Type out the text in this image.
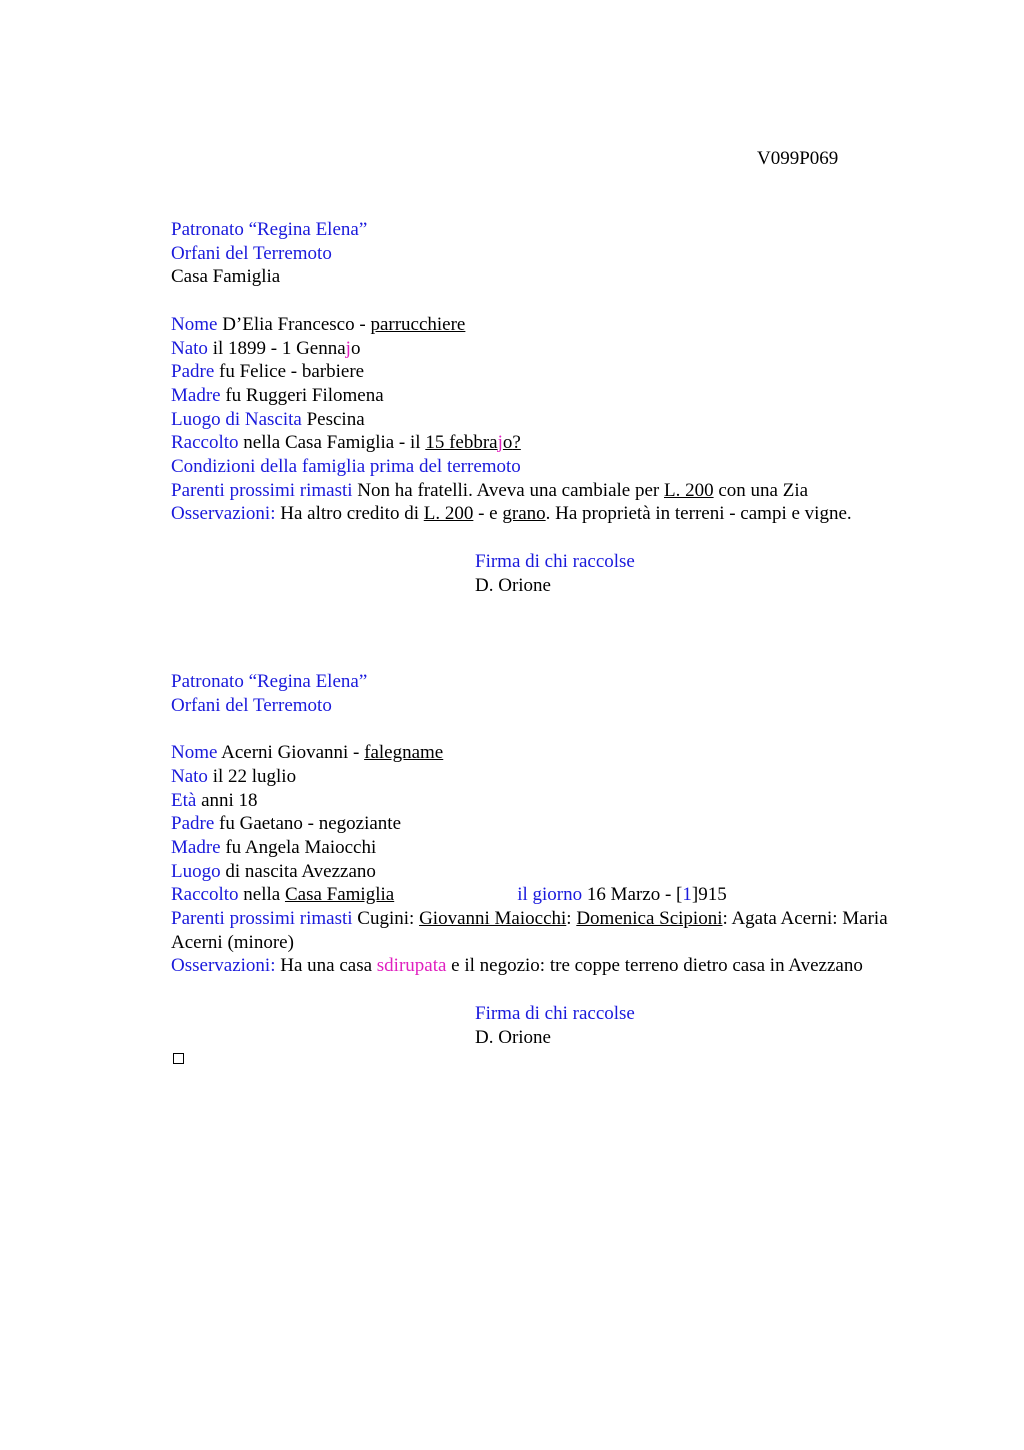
V099P069
Patronato “Regina Elena”
Orfani del Terremoto
Casa Famiglia
Nome D’Elia Francesco - parrucchiere
Nato il 1899 - 1 Gennajo
Padre fu Felice - barbiere
Madre fu Ruggeri Filomena
Luogo di Nascita Pescina
Raccolto nella Casa Famiglia - il 15 febbrajo?
Condizioni della famiglia prima del terremoto
Parenti prossimi rimasti Non ha fratelli. Aveva una cambiale per L. 200 con una Zia
Osservazioni: Ha altro credito di L. 200 - e grano. Ha proprietà in terreni - campi e vigne.
Firma di chi raccolse
D. Orione
Patronato “Regina Elena”
Orfani del Terremoto
Nome Acerni Giovanni - falegname
Nato il 22 luglio
Età anni 18
Padre fu Gaetano - negoziante
Madre fu Angela Maiocchi
Luogo di nascita Avezzano
Raccolto nella Casa Famiglia	il giorno 16 Marzo - [1]915
Parenti prossimi rimasti Cugini: Giovanni Maiocchi: Domenica Scipioni: Agata Acerni: Maria Acerni (minore)
Osservazioni: Ha una casa sdirupata e il negozio: tre coppe terreno dietro casa in Avezzano
Firma di chi raccolse
D. Orione
